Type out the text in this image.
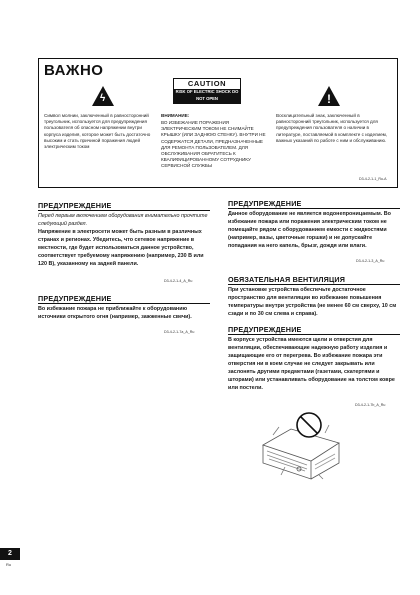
ВАЖНО
ϟ
Символ молнии, заключенный в равносторонний треугольник, используется для предупреждения пользователя об опасном напряжении внутри корпуса изделия, которое может быть достаточно высоким и стать причиной поражения людей электрическим током
CAUTION
RISK OF ELECTRIC SHOCK DO NOT OPEN
ВНИМАНИЕ:
ВО ИЗБЕЖАНИЕ ПОРАЖЕНИЯ ЭЛЕКТРИЧЕСКИМ ТОКОМ НЕ СНИМАЙТЕ КРЫШКУ (ИЛИ ЗАДНЮЮ СТЕНКУ). ВНУТРИ НЕ СОДЕРЖАТСЯ ДЕТАЛИ, ПРЕДНАЗНАЧЕННЫЕ ДЛЯ РЕМОНТА ПОЛЬЗОВАТЕЛЕМ. ДЛЯ ОБСЛУЖИВАНИЯ ОБРАТИТЕСЬ К КВАЛИФИЦИРОВАННОМУ СОТРУДНИКУ СЕРВИСНОЙ СЛУЖБЫ
!
Восклицательный знак, заключенный в равносторонний треугольник, используется для предупреждения пользователя о наличии в литературе, поставляемой в комплекте с изделием, важных указаний по работе с ним и обслуживанию.
D3-4-2-1-1_Ru-A
ПРЕДУПРЕЖДЕНИЕ
Перед первым включением оборудования внимательно прочтите следующий раздел.
Напряжение в электросети может быть разным в различных странах и регионах. Убедитесь, что сетевое напряжение в местности, где будет использоваться данное устройство, соответствует требуемому напряжению (например, 230 В или 120 В), указанному на задней панели.
D3-4-2-1-4_A_Ru
ПРЕДУПРЕЖДЕНИЕ
Во избежание пожара не приближайте к оборудованию источники открытого огня (например, зажженные свечи).
D3-4-2-1-7a_A_Ru
ПРЕДУПРЕЖДЕНИЕ
Данное оборудование не является водонепроницаемым. Во избежание пожара или поражения электрическим током не помещайте рядом с оборудованием емкости с жидкостями (например, вазы, цветочные горшки) и не допускайте попадания на него капель, брызг, дождя или влаги.
D3-4-2-1-3_A_Ru
ОБЯЗАТЕЛЬНАЯ ВЕНТИЛЯЦИЯ
При установке устройства обеспечьте достаточное пространство для вентиляции во избежание повышения температуры внутри устройства (не менее 60 см сверху, 10 см сзади и по 30 см слева и справа).
ПРЕДУПРЕЖДЕНИЕ
В корпусе устройства имеются щели и отверстия для вентиляции, обеспечивающие надежную работу изделия и защищающие его от перегрева. Во избежание пожара эти отверстия ни в коем случае не следует закрывать или заслонять другими предметами (газетами, скатертями и шторами) или устанавливать оборудование на толстом ковре или постели.
D3-4-2-1-7b_A_Ru
2
Ru
